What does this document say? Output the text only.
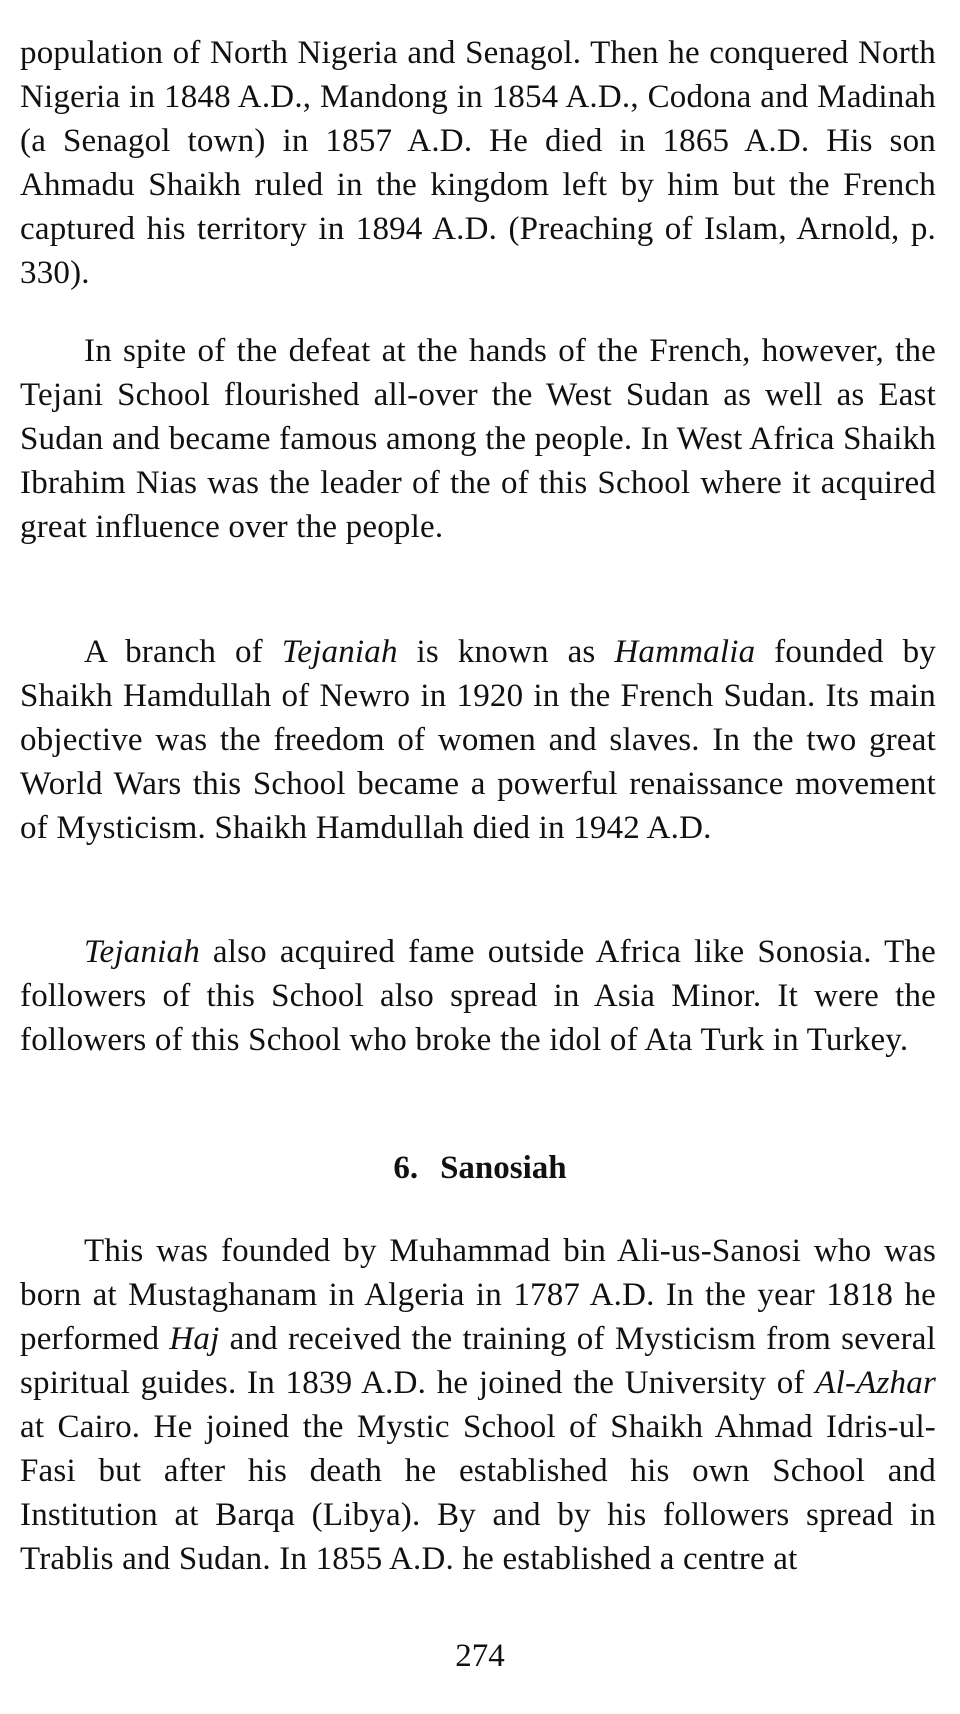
population of North Nigeria and Senagol. Then he conquered North Nigeria in 1848 A.D., Mandong in 1854 A.D., Codona and Madinah (a Senagol town) in 1857 A.D. He died in 1865 A.D. His son Ahmadu Shaikh ruled in the kingdom left by him but the French captured his territory in 1894 A.D. (Preaching of Islam, Arnold, p. 330).

In spite of the defeat at the hands of the French, however, the Tejani School flourished all-over the West Sudan as well as East Sudan and became famous among the people. In West Africa Shaikh Ibrahim Nias was the leader of the of this School where it acquired great influence over the people.

A branch of Tejaniah is known as Hammalia founded by Shaikh Hamdullah of Newro in 1920 in the French Sudan. Its main objective was the freedom of women and slaves. In the two great World Wars this School became a powerful renaissance movement of Mysticism. Shaikh Hamdullah died in 1942 A.D.

Tejaniah also acquired fame outside Africa like Sonosia. The followers of this School also spread in Asia Minor. It were the followers of this School who broke the idol of Ata Turk in Turkey.

6. Sanosiah

This was founded by Muhammad bin Ali-us-Sanosi who was born at Mustaghanam in Algeria in 1787 A.D. In the year 1818 he performed Haj and received the training of Mysticism from several spiritual guides. In 1839 A.D. he joined the University of Al-Azhar at Cairo. He joined the Mystic School of Shaikh Ahmad Idris-ul-Fasi but after his death he established his own School and Institution at Barqa (Libya). By and by his followers spread in Trablis and Sudan. In 1855 A.D. he established a centre at

274
